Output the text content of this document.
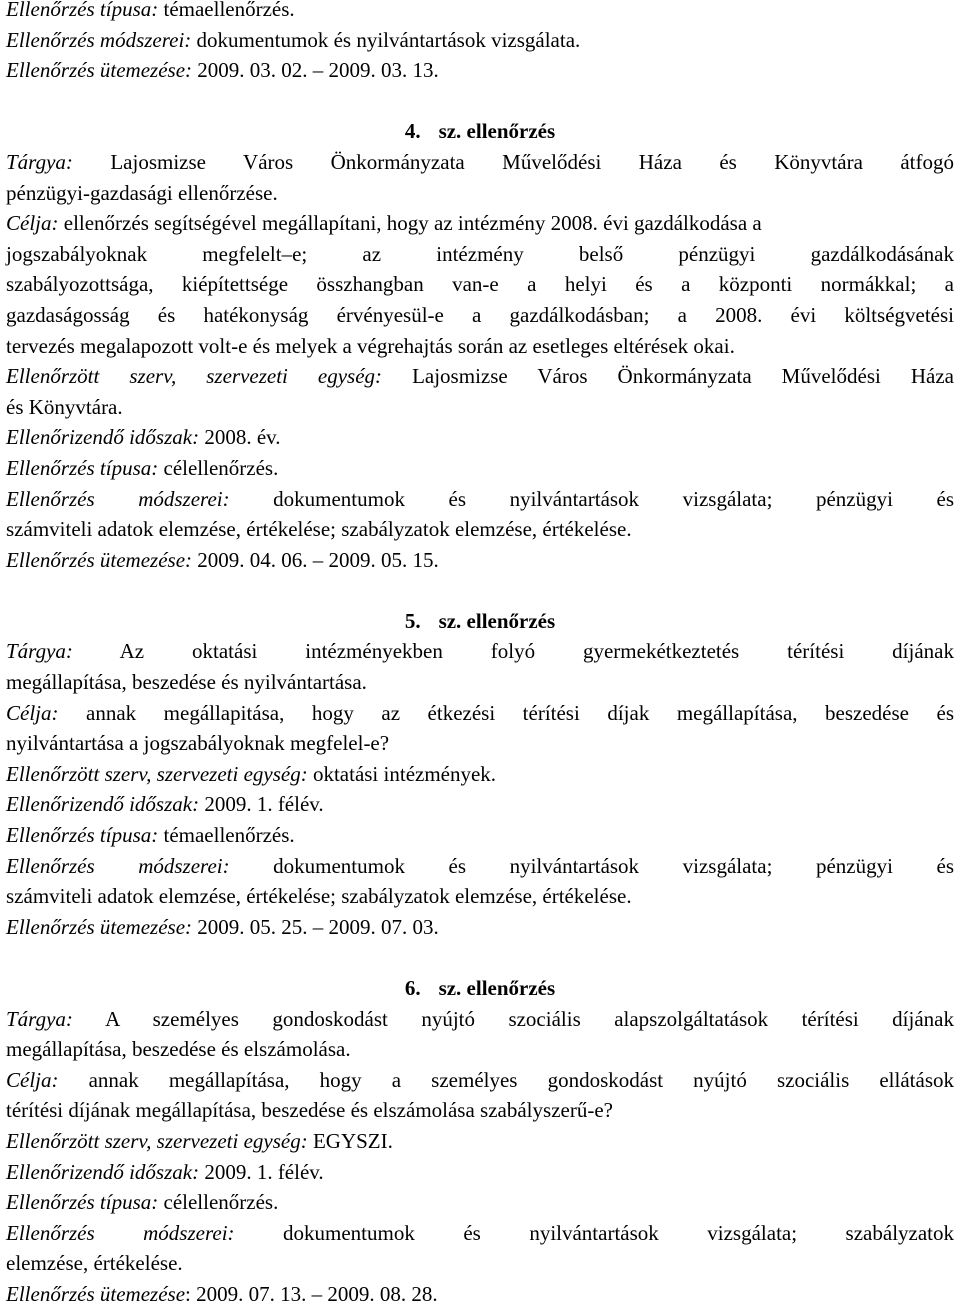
Ellenőrzés típusa: témaellenőrzés.
Ellenőrzés módszerei: dokumentumok és nyilvántartások vizsgálata.
Ellenőrzés ütemezése: 2009. 03. 02. – 2009. 03. 13.
4. sz. ellenőrzés
Tárgya: Lajosmizse Város Önkormányzata Művelődési Háza és Könyvtára átfogó
pénzügyi-gazdasági ellenőrzése.
Célja: ellenőrzés segítségével megállapítani, hogy az intézmény 2008. évi gazdálkodása a
jogszabályoknak megfelelt–e; az intézmény belső pénzügyi gazdálkodásának
szabályozottsága, kiépítettsége összhangban van-e a helyi és a központi normákkal; a
gazdaságosság és hatékonyság érvényesül-e a gazdálkodásban; a 2008. évi költségvetési
tervezés megalapozott volt-e és melyek a végrehajtás során az esetleges eltérések okai.
Ellenőrzött szerv, szervezeti egység: Lajosmizse Város Önkormányzata Művelődési Háza
és Könyvtára.
Ellenőrizendő időszak: 2008. év.
Ellenőrzés típusa: célellenőrzés.
Ellenőrzés módszerei: dokumentumok és nyilvántartások vizsgálata; pénzügyi és
számviteli adatok elemzése, értékelése; szabályzatok elemzése, értékelése.
Ellenőrzés ütemezése: 2009. 04. 06. – 2009. 05. 15.
5. sz. ellenőrzés
Tárgya: Az oktatási intézményekben folyó gyermekétkeztetés térítési díjának
megállapítása, beszedése és nyilvántartása.
Célja: annak megállapitása, hogy az étkezési térítési díjak megállapítása, beszedése és
nyilvántartása a jogszabályoknak megfelel-e?
Ellenőrzött szerv, szervezeti egység: oktatási intézmények.
Ellenőrizendő időszak: 2009. 1. félév.
Ellenőrzés típusa: témaellenőrzés.
Ellenőrzés módszerei: dokumentumok és nyilvántartások vizsgálata; pénzügyi és
számviteli adatok elemzése, értékelése; szabályzatok elemzése, értékelése.
Ellenőrzés ütemezése: 2009. 05. 25. – 2009. 07. 03.
6. sz. ellenőrzés
Tárgya: A személyes gondoskodást nyújtó szociális alapszolgáltatások térítési díjának
megállapítása, beszedése és elszámolása.
Célja: annak megállapítása, hogy a személyes gondoskodást nyújtó szociális ellátások
térítési díjának megállapítása, beszedése és elszámolása szabályszerű-e?
Ellenőrzött szerv, szervezeti egység: EGYSZI.
Ellenőrizendő időszak: 2009. 1. félév.
Ellenőrzés típusa: célellenőrzés.
Ellenőrzés módszerei: dokumentumok és nyilvántartások vizsgálata; szabályzatok
elemzése, értékelése.
Ellenőrzés ütemezése: 2009. 07. 13. – 2009. 08. 28.
